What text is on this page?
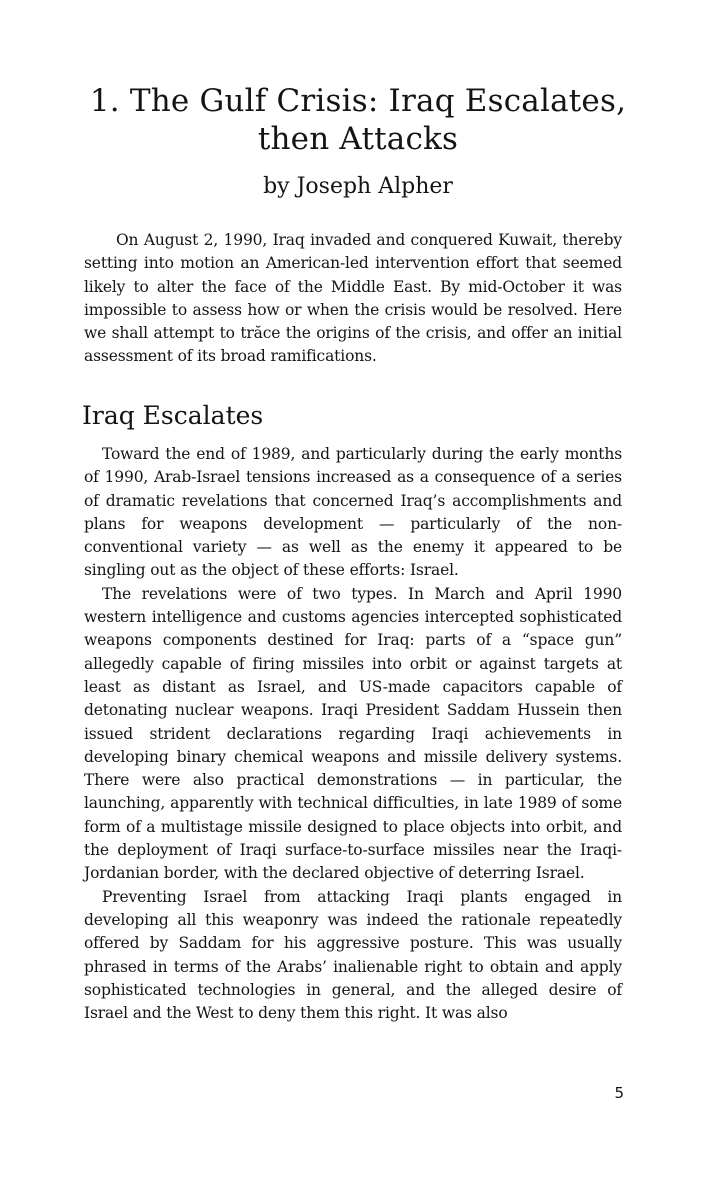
1. The Gulf Crisis: Iraq Escalates,
then Attacks
by Joseph Alpher

On August 2, 1990, Iraq invaded and conquered Kuwait, thereby setting into motion an American-led intervention effort that seemed likely to alter the face of the Middle East. By mid-October it was impossible to assess how or when the crisis would be resolved. Here we shall attempt to trăce the origins of the crisis, and offer an initial assessment of its broad ramifications.

Iraq Escalates

Toward the end of 1989, and particularly during the early months of 1990, Arab-Israel tensions increased as a consequence of a series of dramatic revelations that concerned Iraq’s accomplishments and plans for weapons development — particularly of the non-conventional variety — as well as the enemy it appeared to be singling out as the object of these efforts: Israel.

The revelations were of two types. In March and April 1990 western intelligence and customs agencies intercepted sophisticated weapons components destined for Iraq: parts of a “space gun” allegedly capable of firing missiles into orbit or against targets at least as distant as Israel, and US-made capacitors capable of detonating nuclear weapons. Iraqi President Saddam Hussein then issued strident declarations regarding Iraqi achievements in developing binary chemical weapons and missile delivery systems. There were also practical demonstrations — in particular, the launching, apparently with technical difficulties, in late 1989 of some form of a multistage missile designed to place objects into orbit, and the deployment of Iraqi surface-to-surface missiles near the Iraqi-Jordanian border, with the declared objective of deterring Israel.

Preventing Israel from attacking Iraqi plants engaged in developing all this weaponry was indeed the rationale repeatedly offered by Saddam for his aggressive posture. This was usually phrased in terms of the Arabs’ inalienable right to obtain and apply sophisticated technologies in general, and the alleged desire of Israel and the West to deny them this right. It was also

5
